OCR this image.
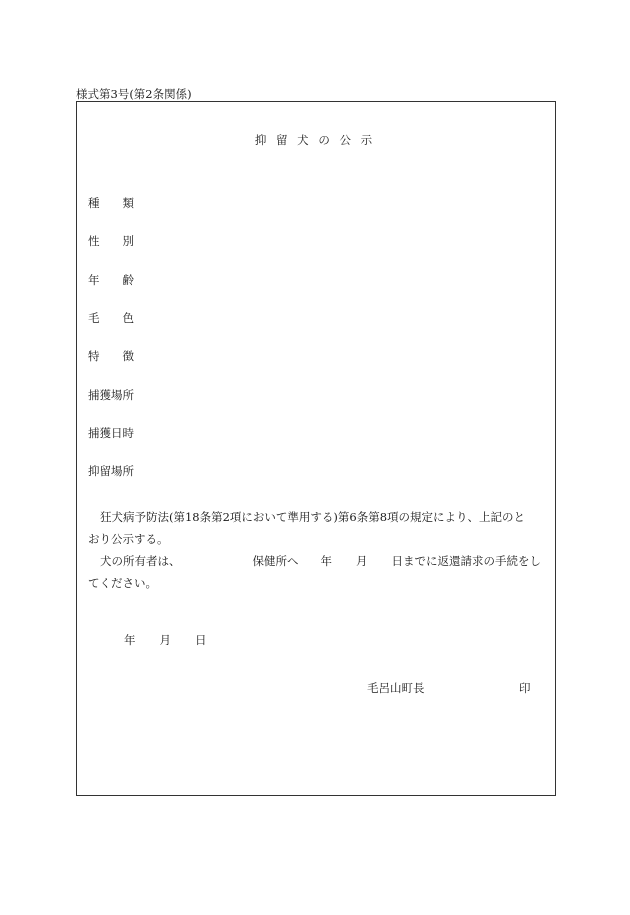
様式第3号(第2条関係)
抑 留 犬 の 公 示
種　　類
性　　別
年　　齢
毛　　色
特　　徴
捕獲場所
捕獲日時
抑留場所
狂犬病予防法(第18条第2項において準用する)第6条第8項の規定により、上記のと
おり公示する。
犬の所有者は、	保健所へ 年 月 日までに返還請求の手続をし
てください。
年 月 日
毛呂山町長	印
